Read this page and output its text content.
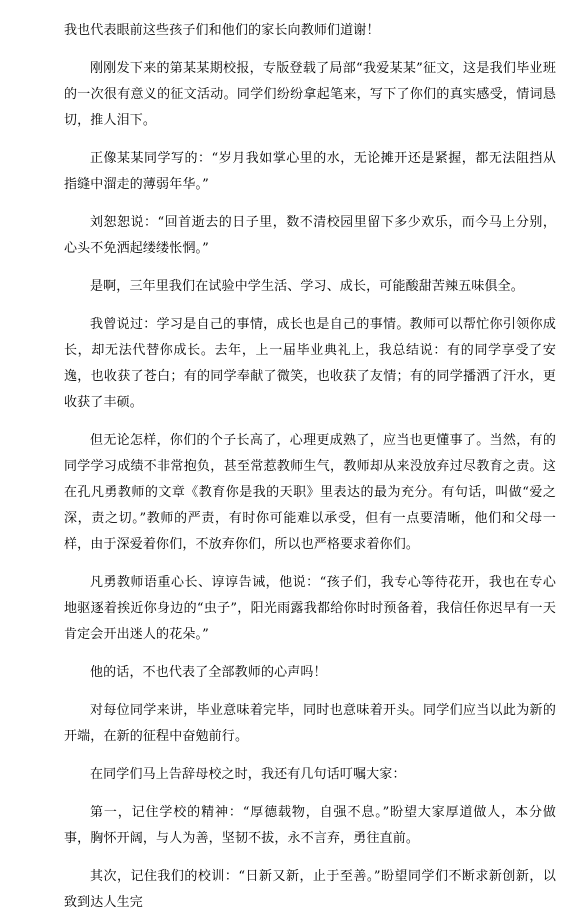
我也代表眼前这些孩子们和他们的家长向教师们道谢！

刚刚发下来的第某某期校报，专版登载了局部“我爱某某”征文，这是我们毕业班的一次很有意义的征文活动。同学们纷纷拿起笔来，写下了你们的真实感受，情词恳切，推人泪下。

正像某某同学写的：“岁月我如掌心里的水，无论摊开还是紧握，都无法阻挡从指缝中溜走的薄弱年华。”

刘恕恕说：“回首逝去的日子里，数不清校园里留下多少欢乐，而今马上分别，心头不免洒起缕缕怅惘。”

是啊，三年里我们在试验中学生活、学习、成长，可能酸甜苦辣五味俱全。

我曾说过：学习是自己的事情，成长也是自己的事情。教师可以帮忙你引领你成长，却无法代替你成长。去年，上一届毕业典礼上，我总结说：有的同学享受了安逸，也收获了苍白；有的同学奉献了微笑，也收获了友情；有的同学播洒了汗水，更收获了丰硕。

但无论怎样，你们的个子长高了，心理更成熟了，应当也更懂事了。当然，有的同学学习成绩不非常抱负，甚至常惹教师生气，教师却从来没放弃过尽教育之责。这在孔凡勇教师的文章《教育你是我的天职》里表达的最为充分。有句话，叫做“爱之深，责之切。”教师的严责，有时你可能难以承受，但有一点要清晰，他们和父母一样，由于深爱着你们，不放弃你们，所以也严格要求着你们。

凡勇教师语重心长、谆谆告诫，他说：“孩子们，我专心等待花开，我也在专心地驱逐着挨近你身边的“虫子”，阳光雨露我都给你时时预备着，我信任你迟早有一天肯定会开出迷人的花朵。”

他的话，不也代表了全部教师的心声吗！

对每位同学来讲，毕业意味着完毕，同时也意味着开头。同学们应当以此为新的开端，在新的征程中奋勉前行。

在同学们马上告辞母校之时，我还有几句话叮嘱大家：

第一，记住学校的精神：“厚德载物，自强不息。”盼望大家厚道做人，本分做事，胸怀开阔，与人为善，坚韧不拔，永不言弃，勇往直前。

其次，记住我们的校训：“日新又新，止于至善。”盼望同学们不断求新创新，以致到达人生完
